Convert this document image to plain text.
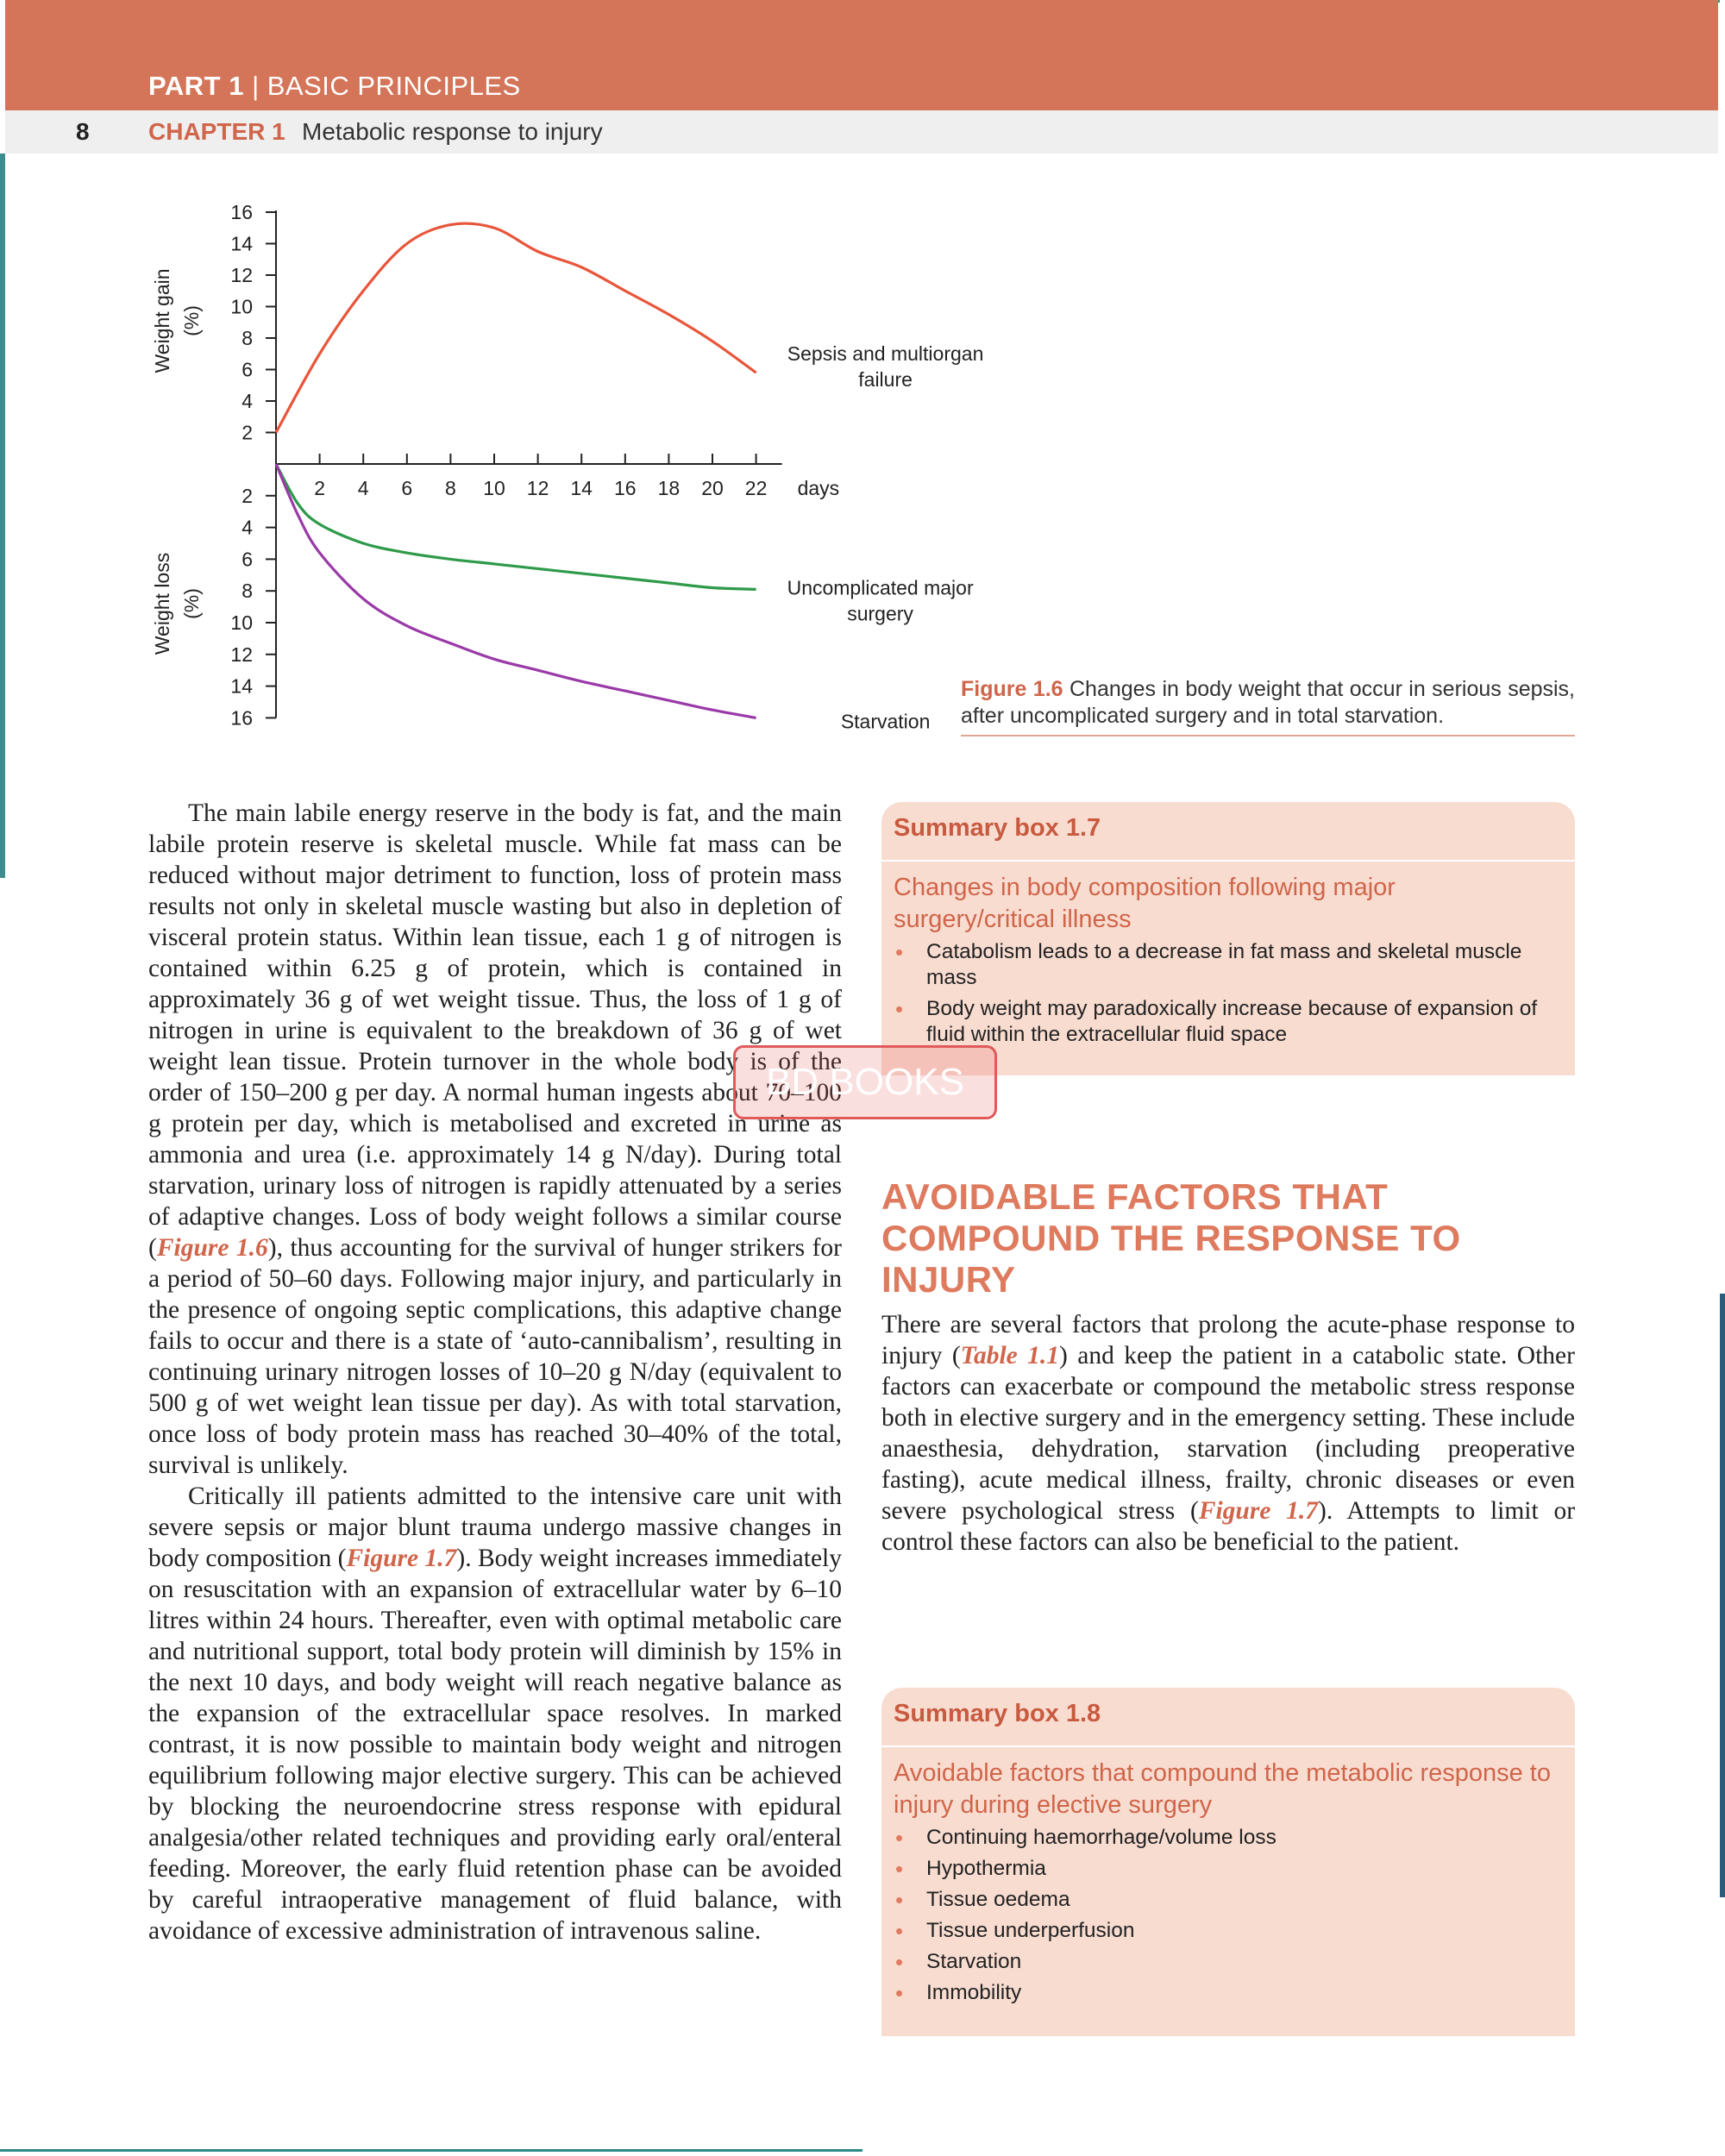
PART 1 | BASIC PRINCIPLES
8 CHAPTER 1 Metabolic response to injury
16
14
12
10
8
6
4
2
2
4
6
8
10
12
14
16
2 4 6 8 10 12 14 16 18 20 22 days
Weight gain (%)
Weight loss (%)
Sepsis and multiorgan
failure
Uncomplicated major
surgery
Starvation
Figure 1.6 Changes in body weight that occur in serious sepsis, after uncomplicated surgery and in total starvation.

The main labile energy reserve in the body is fat, and the main labile protein reserve is skeletal muscle. While fat mass can be reduced without major detriment to function, loss of protein mass results not only in skeletal muscle wasting but also in depletion of visceral protein status. Within lean tissue, each 1 g of nitrogen is contained within 6.25 g of protein, which is contained in approximately 36 g of wet weight tissue. Thus, the loss of 1 g of nitrogen in urine is equivalent to the breakdown of 36 g of wet weight lean tissue. Protein turnover in the whole body is of the order of 150–200 g per day. A normal human ingests about 70–100 g protein per day, which is metabolised and excreted in urine as ammonia and urea (i.e. approximately 14 g N/day). During total starvation, urinary loss of nitrogen is rapidly attenuated by a series of adaptive changes. Loss of body weight follows a similar course (Figure 1.6), thus accounting for the survival of hunger strikers for a period of 50–60 days. Following major injury, and particularly in the presence of ongoing septic complications, this adaptive change fails to occur and there is a state of ‘auto-cannibalism’, resulting in continuing urinary nitrogen losses of 10–20 g N/day (equivalent to 500 g of wet weight lean tissue per day). As with total starvation, once loss of body protein mass has reached 30–40% of the total, survival is unlikely.

Critically ill patients admitted to the intensive care unit with severe sepsis or major blunt trauma undergo massive changes in body composition (Figure 1.7). Body weight increases immediately on resuscitation with an expansion of extracellular water by 6–10 litres within 24 hours. Thereafter, even with optimal metabolic care and nutritional support, total body protein will diminish by 15% in the next 10 days, and body weight will reach negative balance as the expansion of the extracellular space resolves. In marked contrast, it is now possible to maintain body weight and nitrogen equilibrium following major elective surgery. This can be achieved by blocking the neuroendocrine stress response with epidural analgesia/other related techniques and providing early oral/enteral feeding. Moreover, the early fluid retention phase can be avoided by careful intraoperative management of fluid balance, with avoidance of excessive administration of intravenous saline.

Summary box 1.7
Changes in body composition following major surgery/critical illness
• Catabolism leads to a decrease in fat mass and skeletal muscle mass
• Body weight may paradoxically increase because of expansion of fluid within the extracellular fluid space
AVOIDABLE FACTORS THAT COMPOUND THE RESPONSE TO INJURY
There are several factors that prolong the acute-phase response to injury (Table 1.1) and keep the patient in a catabolic state. Other factors can exacerbate or compound the metabolic stress response both in elective surgery and in the emergency setting. These include anaesthesia, dehydration, starvation (including preoperative fasting), acute medical illness, frailty, chronic diseases or even severe psychological stress (Figure 1.7). Attempts to limit or control these factors can also be beneficial to the patient.
Summary box 1.8
Avoidable factors that compound the metabolic response to injury during elective surgery
• Continuing haemorrhage/volume loss
• Hypothermia
• Tissue oedema
• Tissue underperfusion
• Starvation
• Immobility
BD BOOKS
